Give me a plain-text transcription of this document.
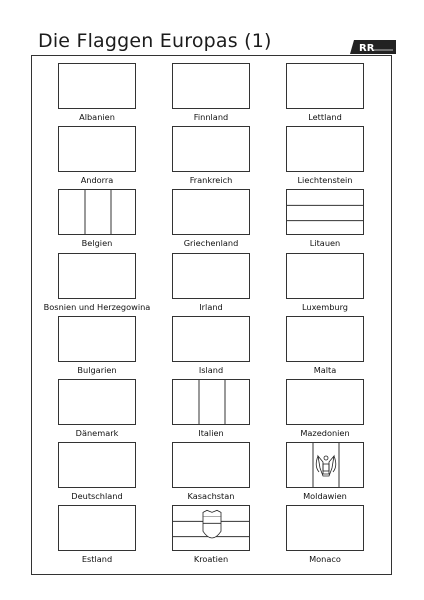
Die Flaggen Europas (1)	RR
Albanien	Finnland	Lettland
Andorra	Frankreich	Liechtenstein
Belgien	Griechenland	Litauen
Bosnien und Herzegowina	Irland	Luxemburg
Bulgarien	Island	Malta
Dänemark	Italien	Mazedonien
Deutschland	Kasachstan	Moldawien
Estland	Kroatien	Monaco
